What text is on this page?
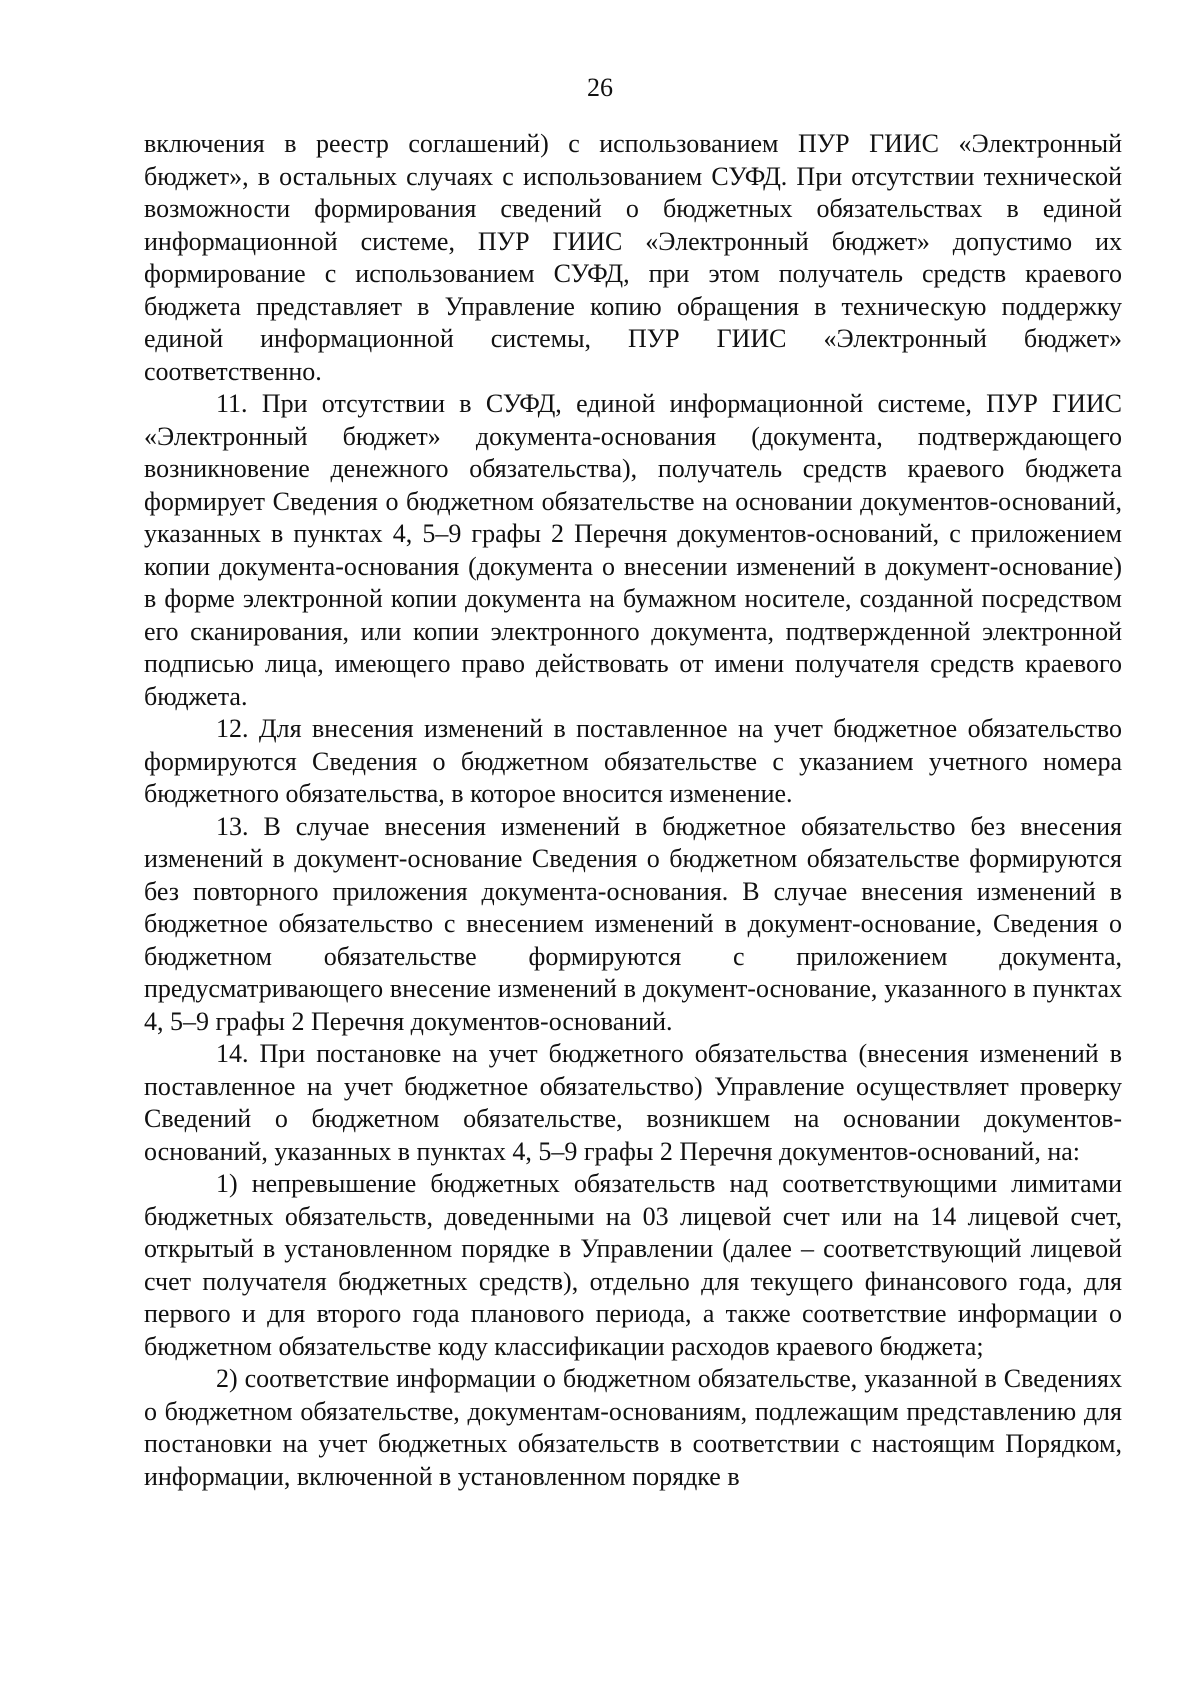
26

включения в реестр соглашений) с использованием ПУР ГИИС «Электронный бюджет», в остальных случаях с использованием СУФД. При отсутствии технической возможности формирования сведений о бюджетных обязательствах в единой информационной системе, ПУР ГИИС «Электронный бюджет» допустимо их формирование с использованием СУФД, при этом получатель средств краевого бюджета представляет в Управление копию обращения в техническую поддержку единой информационной системы, ПУР ГИИС «Электронный бюджет» соответственно.

11. При отсутствии в СУФД, единой информационной системе, ПУР ГИИС «Электронный бюджет» документа-основания (документа, подтверждающего возникновение денежного обязательства), получатель средств краевого бюджета формирует Сведения о бюджетном обязательстве на основании документов-оснований, указанных в пунктах 4, 5–9 графы 2 Перечня документов-оснований, с приложением копии документа-основания (документа о внесении изменений в документ-основание) в форме электронной копии документа на бумажном носителе, созданной посредством его сканирования, или копии электронного документа, подтвержденной электронной подписью лица, имеющего право действовать от имени получателя средств краевого бюджета.

12. Для внесения изменений в поставленное на учет бюджетное обязательство формируются Сведения о бюджетном обязательстве с указанием учетного номера бюджетного обязательства, в которое вносится изменение.

13. В случае внесения изменений в бюджетное обязательство без внесения изменений в документ-основание Сведения о бюджетном обязательстве формируются без повторного приложения документа-основания. В случае внесения изменений в бюджетное обязательство с внесением изменений в документ-основание, Сведения о бюджетном обязательстве формируются с приложением документа, предусматривающего внесение изменений в документ-основание, указанного в пунктах 4, 5–9 графы 2 Перечня документов-оснований.

14. При постановке на учет бюджетного обязательства (внесения изменений в поставленное на учет бюджетное обязательство) Управление осуществляет проверку Сведений о бюджетном обязательстве, возникшем на основании документов-оснований, указанных в пунктах 4, 5–9 графы 2 Перечня документов-оснований, на:

1) непревышение бюджетных обязательств над соответствующими лимитами бюджетных обязательств, доведенными на 03 лицевой счет или на 14 лицевой счет, открытый в установленном порядке в Управлении (далее – соответствующий лицевой счет получателя бюджетных средств), отдельно для текущего финансового года, для первого и для второго года планового периода, а также соответствие информации о бюджетном обязательстве коду классификации расходов краевого бюджета;

2) соответствие информации о бюджетном обязательстве, указанной в Сведениях о бюджетном обязательстве, документам-основаниям, подлежащим представлению для постановки на учет бюджетных обязательств в соответствии с настоящим Порядком, информации, включенной в установленном порядке в
